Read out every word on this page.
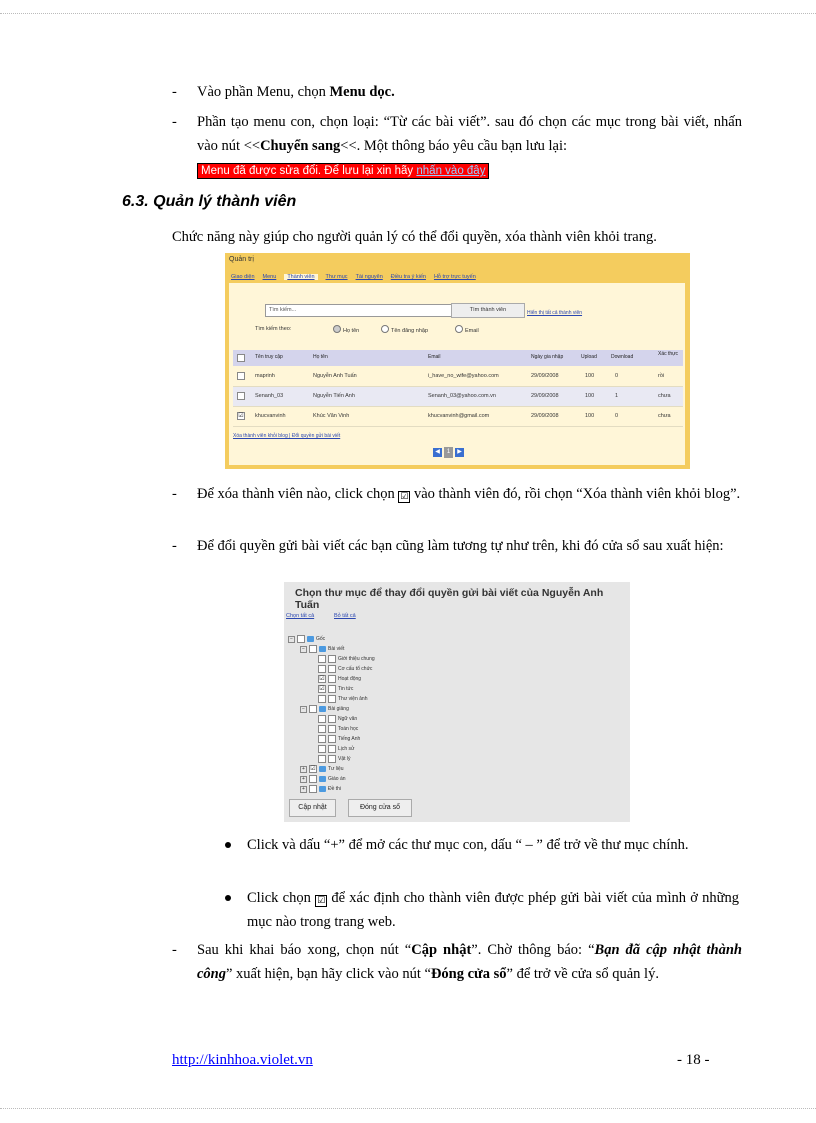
- Vào phần Menu, chọn Menu dọc.
- Phần tạo menu con, chọn loại: “Từ các bài viết”. sau đó chọn các mục trong bài viết, nhấn vào nút <<Chuyển sang<<. Một thông báo yêu cầu bạn lưu lại:
Menu đã được sửa đổi. Để lưu lại xin hãy nhấn vào đây
6.3. Quản lý thành viên
Chức năng này giúp cho người quản lý có thể đổi quyền, xóa thành viên khỏi trang.
Quản trị
Giao diện Menu	Thành viên	Thư mục Tài nguyên Điều tra ý kiến Hỗ trợ trực tuyến
Tìm kiếm...	Tìm thành viên	Hiển thị tất cả thành viên
Tìm kiếm theo:	Họ tên	Tên đăng nhập	Email
Tên truy cập	Họ tên	Email	Ngày gia nhập	Upload	Download	Xác thực
maprinh	Nguyễn Anh Tuấn	i_have_no_wife@yahoo.com	29/09/2008	100	0	rồi
Senanh_03	Nguyễn Tiến Anh	Senanh_03@yahoo.com.vn	29/09/2008	100	1	chưa
☑ khucvanvinh	Khúc Văn Vinh	khucvanvinh@gmail.com	29/09/2008	100	0	chưa
Xóa thành viên khỏi blog | Đổi quyền gửi bài viết
◀	1	▶
- Để xóa thành viên nào, click chọn ☑ vào thành viên đó, rồi chọn “Xóa thành viên khỏi blog”.
- Để đổi quyền gửi bài viết các bạn cũng làm tương tự như trên, khi đó cửa sổ sau xuất hiện:
Chọn thư mục để thay đổi quyền gửi bài viết của Nguyễn Anh Tuấn
Chọn tất cả	Bỏ tất cả
−	Gốc
−	Bài viết
Giới thiệu chung
Cơ cấu tổ chức
☑	Hoạt động
☑	Tin tức
Thư viện ảnh
−	Bài giảng
Ngữ văn
Toán học
Tiếng Anh
Lịch sử
Vật lý
+ ☑ Tư liệu
+	Giáo án
+	Đề thi
Cập nhật	Đóng cửa sổ
Click và dấu “+” để mở các thư mục con, dấu “ – ” để trở về thư mục chính.
Click chọn ☑ để xác định cho thành viên được phép gửi bài viết của mình ở những mục nào trong trang web.
- Sau khi khai báo xong, chọn nút “Cập nhật”. Chờ thông báo: “Bạn đã cập nhật thành công” xuất hiện, bạn hãy click vào nút “Đóng cửa sổ” để trở về cửa sổ quản lý.
http://kinhhoa.violet.vn	- 18 -
